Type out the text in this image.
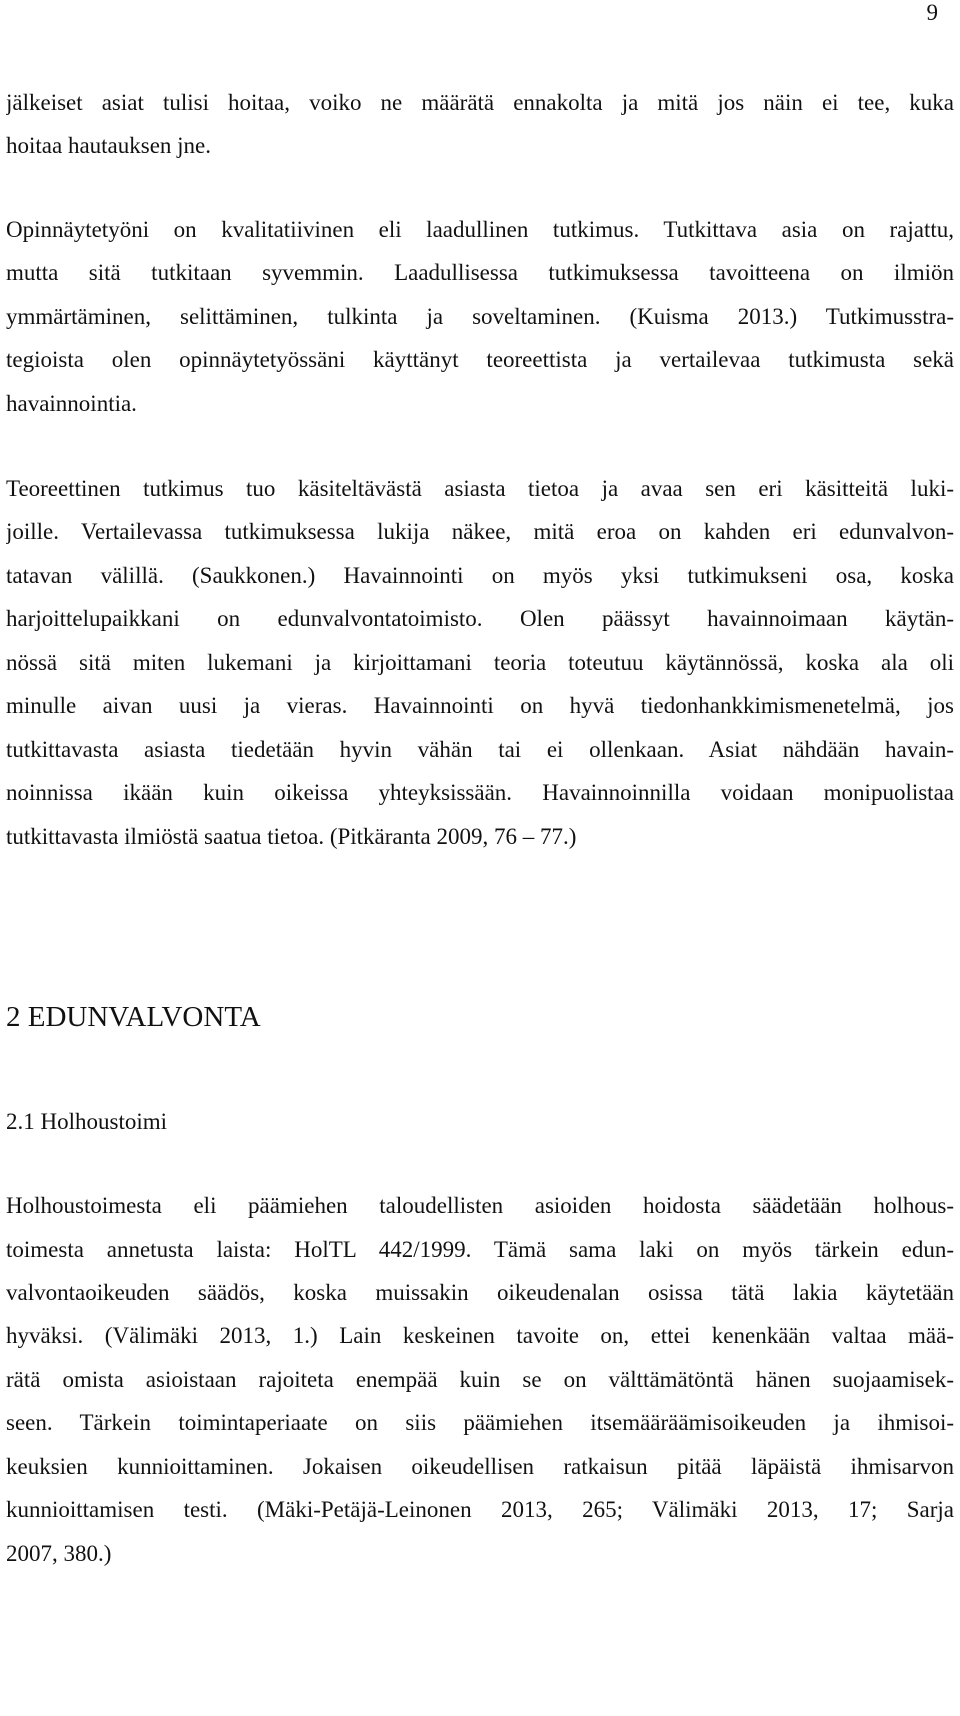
9
jälkeiset asiat tulisi hoitaa, voiko ne määrätä ennakolta ja mitä jos näin ei tee, kuka
hoitaa hautauksen jne.
Opinnäytetyöni on kvalitatiivinen eli laadullinen tutkimus. Tutkittava asia on rajattu,
mutta sitä tutkitaan syvemmin. Laadullisessa tutkimuksessa tavoitteena on ilmiön
ymmärtäminen, selittäminen, tulkinta ja soveltaminen. (Kuisma 2013.) Tutkimusstra-
tegioista olen opinnäytetyössäni käyttänyt teoreettista ja vertailevaa tutkimusta sekä
havainnointia.
Teoreettinen tutkimus tuo käsiteltävästä asiasta tietoa ja avaa sen eri käsitteitä luki-
joille. Vertailevassa tutkimuksessa lukija näkee, mitä eroa on kahden eri edunvalvon-
tatavan välillä. (Saukkonen.) Havainnointi on myös yksi tutkimukseni osa, koska
harjoittelupaikkani on edunvalvontatoimisto. Olen päässyt havainnoimaan käytän-
nössä sitä miten lukemani ja kirjoittamani teoria toteutuu käytännössä, koska ala oli
minulle aivan uusi ja vieras. Havainnointi on hyvä tiedonhankkimismenetelmä, jos
tutkittavasta asiasta tiedetään hyvin vähän tai ei ollenkaan. Asiat nähdään havain-
noinnissa ikään kuin oikeissa yhteyksissään. Havainnoinnilla voidaan monipuolistaa
tutkittavasta ilmiöstä saatua tietoa. (Pitkäranta 2009, 76 – 77.)
2 EDUNVALVONTA
2.1 Holhoustoimi
Holhoustoimesta eli päämiehen taloudellisten asioiden hoidosta säädetään holhous-
toimesta annetusta laista: HolTL 442/1999. Tämä sama laki on myös tärkein edun-
valvontaoikeuden säädös, koska muissakin oikeudenalan osissa tätä lakia käytetään
hyväksi. (Välimäki 2013, 1.) Lain keskeinen tavoite on, ettei kenenkään valtaa mää-
rätä omista asioistaan rajoiteta enempää kuin se on välttämätöntä hänen suojaamisek-
seen. Tärkein toimintaperiaate on siis päämiehen itsemääräämisoikeuden ja ihmisoi-
keuksien kunnioittaminen. Jokaisen oikeudellisen ratkaisun pitää läpäistä ihmisarvon
kunnioittamisen testi. (Mäki-Petäjä-Leinonen 2013, 265; Välimäki 2013, 17; Sarja
2007, 380.)
